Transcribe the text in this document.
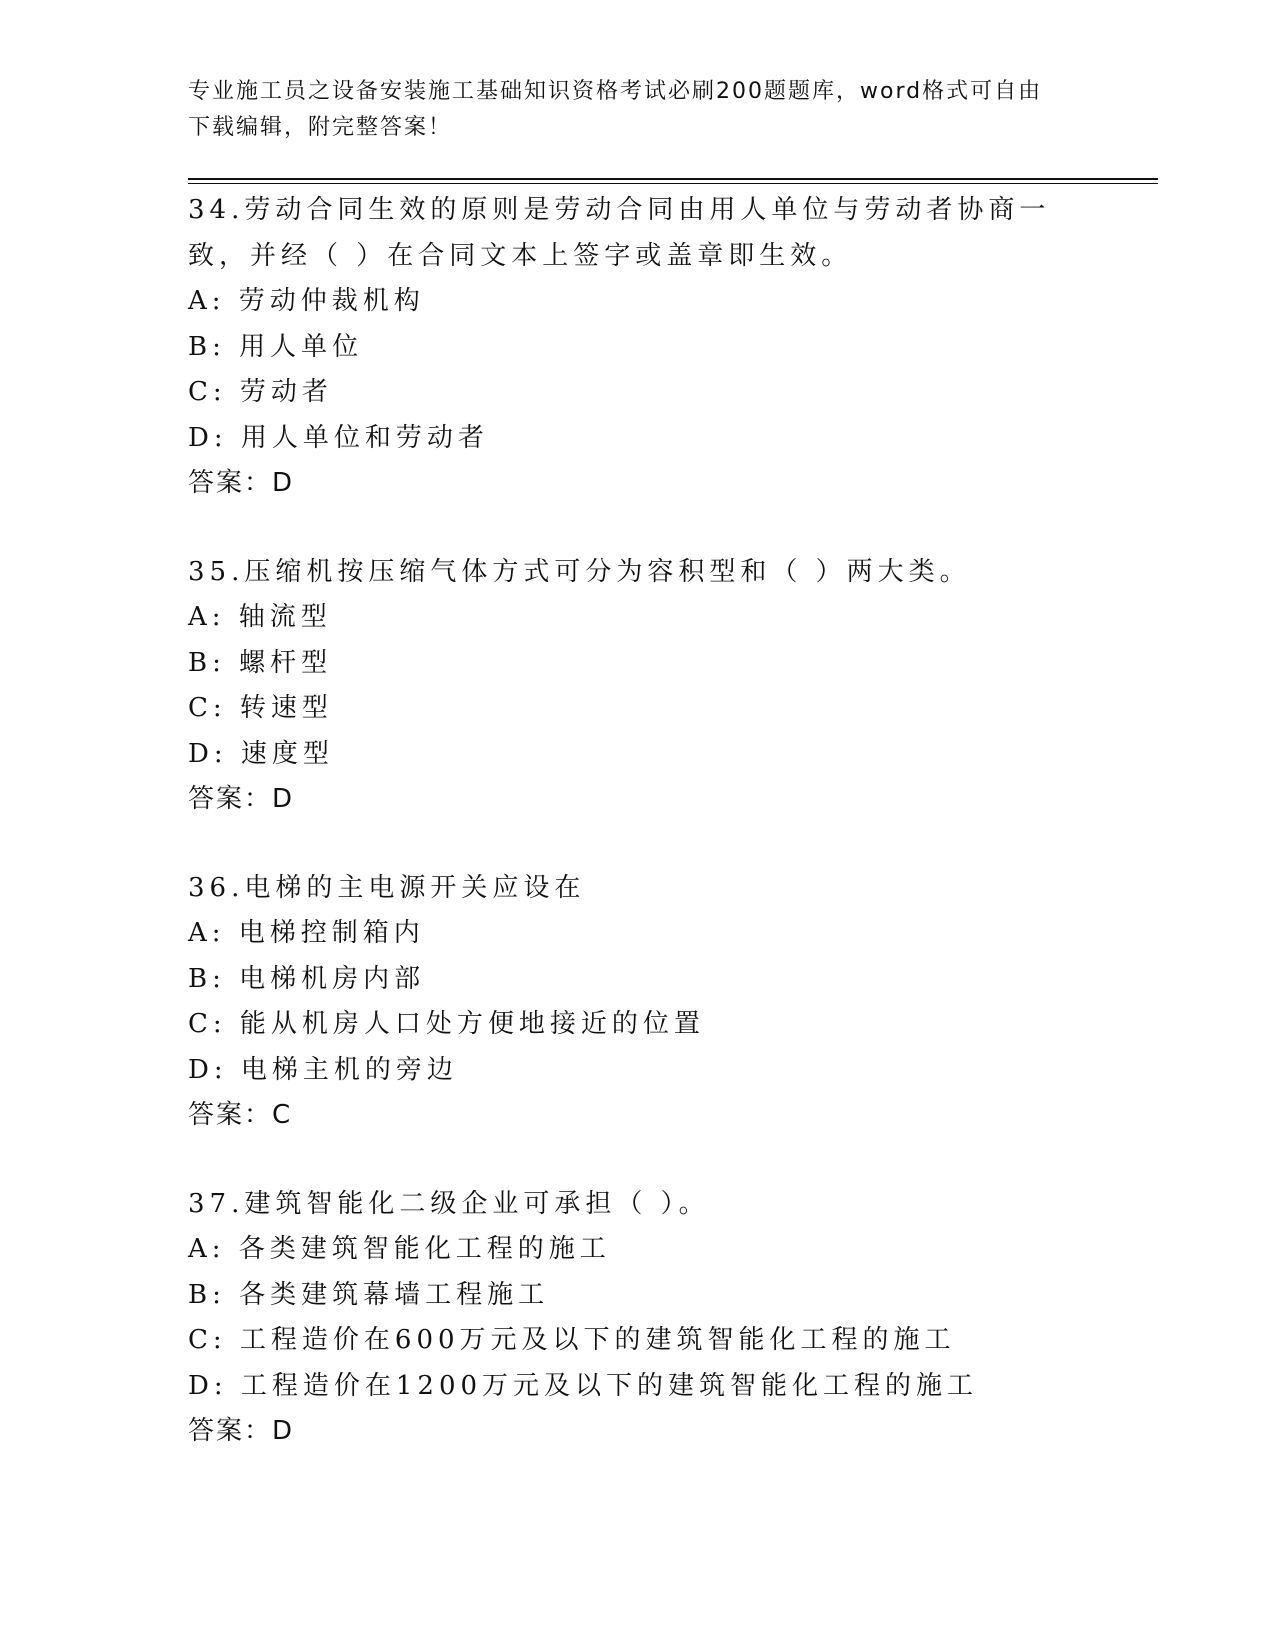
专业施工员之设备安装施工基础知识资格考试必刷200题题库，word格式可自由
下载编辑，附完整答案！
34.劳动合同生效的原则是劳动合同由用人单位与劳动者协商一致，并经（ ）在合同文本上签字或盖章即生效。
A: 劳动仲裁机构
B: 用人单位
C: 劳动者
D: 用人单位和劳动者
答案：D
35.压缩机按压缩气体方式可分为容积型和（ ）两大类。
A: 轴流型
B: 螺杆型
C: 转速型
D: 速度型
答案：D
36.电梯的主电源开关应设在
A: 电梯控制箱内
B: 电梯机房内部
C: 能从机房人口处方便地接近的位置
D: 电梯主机的旁边
答案：C
37.建筑智能化二级企业可承担（ ）。
A: 各类建筑智能化工程的施工
B: 各类建筑幕墙工程施工
C: 工程造价在600万元及以下的建筑智能化工程的施工
D: 工程造价在1200万元及以下的建筑智能化工程的施工
答案：D
